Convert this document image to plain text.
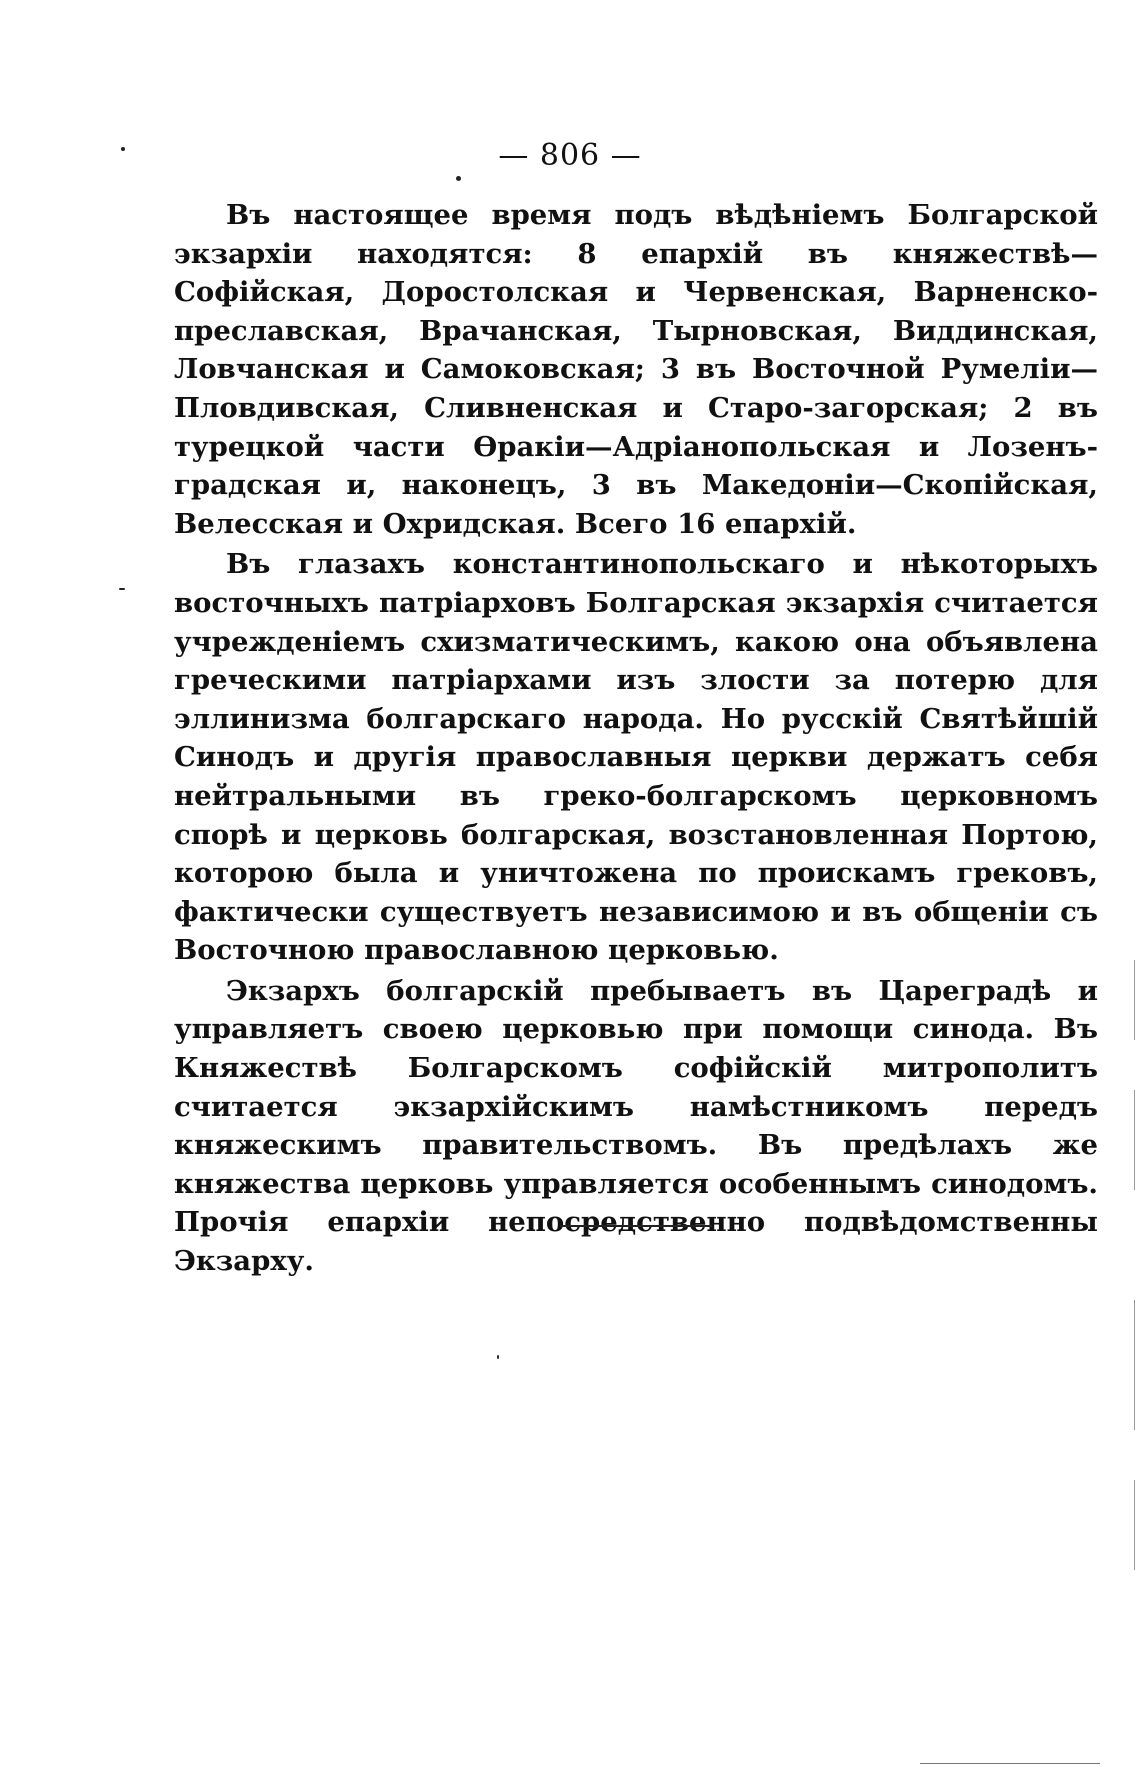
— 806 —

Въ настоящее время подъ вѣдѣніемъ Болгарской экзархіи находятся: 8 епархій въ княжествѣ—Софійская, Доростолская и Червенская, Варненско-преславская, Врачанская, Тырновская, Виддинская, Ловчанская и Самоковская; 3 въ Восточной Румеліи—Пловдивская, Сливненская и Старо-загорская; 2 въ турецкой части Ѳракіи—Адріанопольская и Лозенъ-градская и, наконецъ, 3 въ Македоніи—Скопійская, Велесская и Охридская. Всего 16 епархій.

Въ глазахъ константинопольскаго и нѣкоторыхъ восточныхъ патріарховъ Болгарская экзархія считается учрежденіемъ схизматическимъ, какою она объявлена греческими патріархами изъ злости за потерю для эллинизма болгарскаго народа. Но русскій Святѣйшій Синодъ и другія православныя церкви держатъ себя нейтральными въ греко-болгарскомъ церковномъ спорѣ и церковь болгарская, возстановленная Портою, которою была и уничтожена по проискамъ грековъ, фактически существуетъ независимою и въ общеніи съ Восточною православною церковью.

Экзархъ болгарскій пребываетъ въ Цареградѣ и управляетъ своею церковью при помощи синода. Въ Княжествѣ Болгарскомъ софійскій митрополитъ считается экзархійскимъ намѣстникомъ передъ княжескимъ правительствомъ. Въ предѣлахъ же княжества церковь управляется особеннымъ синодомъ. Прочія епархіи непосредственно подвѣдомственны Экзарху.
